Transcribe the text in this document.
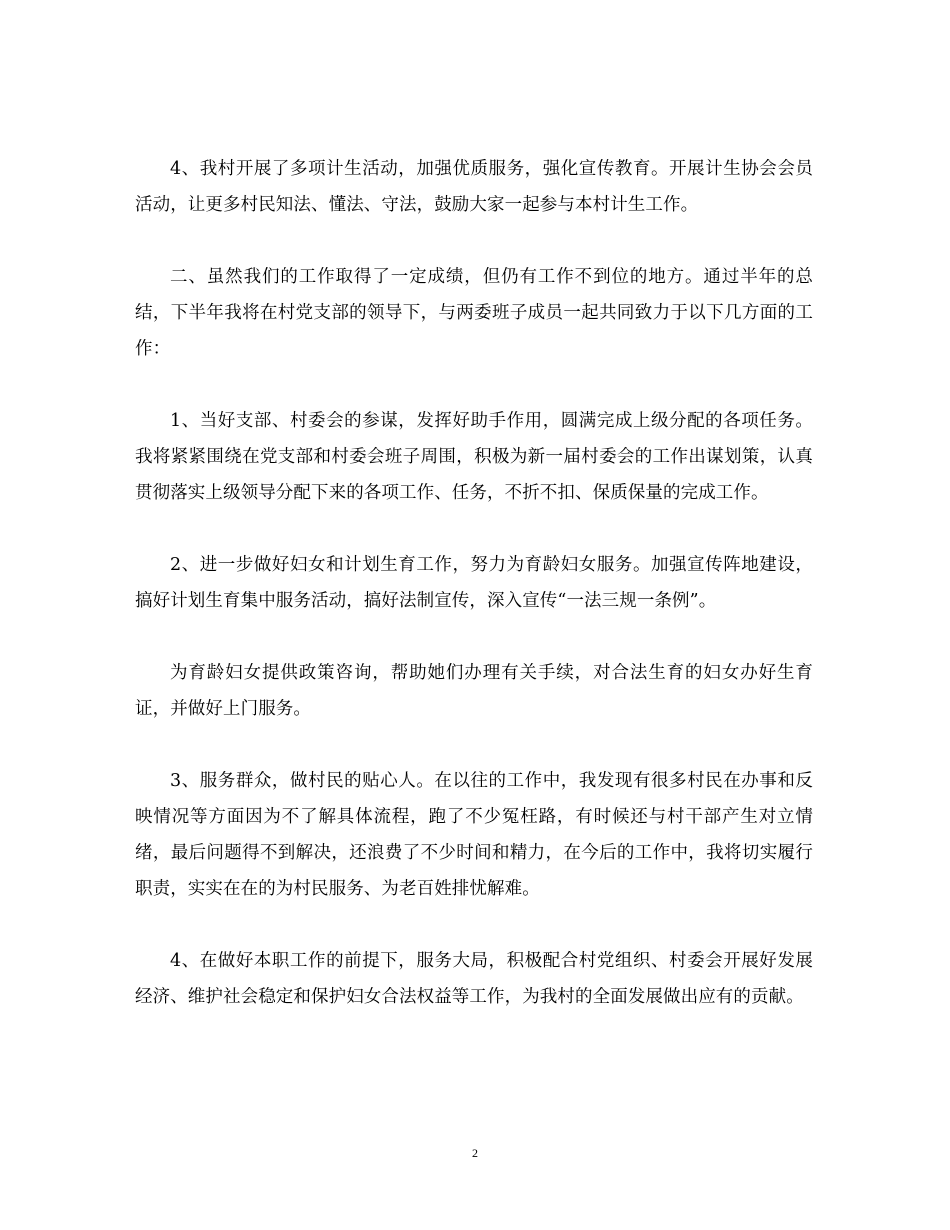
4、我村开展了多项计生活动，加强优质服务，强化宣传教育。开展计生协会会员活动，让更多村民知法、懂法、守法，鼓励大家一起参与本村计生工作。

二、虽然我们的工作取得了一定成绩，但仍有工作不到位的地方。通过半年的总结，下半年我将在村党支部的领导下，与两委班子成员一起共同致力于以下几方面的工作：

1、当好支部、村委会的参谋，发挥好助手作用，圆满完成上级分配的各项任务。我将紧紧围绕在党支部和村委会班子周围，积极为新一届村委会的工作出谋划策，认真贯彻落实上级领导分配下来的各项工作、任务，不折不扣、保质保量的完成工作。

2、进一步做好妇女和计划生育工作，努力为育龄妇女服务。加强宣传阵地建设，搞好计划生育集中服务活动，搞好法制宣传，深入宣传“一法三规一条例”。

为育龄妇女提供政策咨询，帮助她们办理有关手续，对合法生育的妇女办好生育证，并做好上门服务。

3、服务群众，做村民的贴心人。在以往的工作中，我发现有很多村民在办事和反映情况等方面因为不了解具体流程，跑了不少冤枉路，有时候还与村干部产生对立情绪，最后问题得不到解决，还浪费了不少时间和精力，在今后的工作中，我将切实履行职责，实实在在的为村民服务、为老百姓排忧解难。

4、在做好本职工作的前提下，服务大局，积极配合村党组织、村委会开展好发展经济、维护社会稳定和保护妇女合法权益等工作，为我村的全面发展做出应有的贡献。

2
